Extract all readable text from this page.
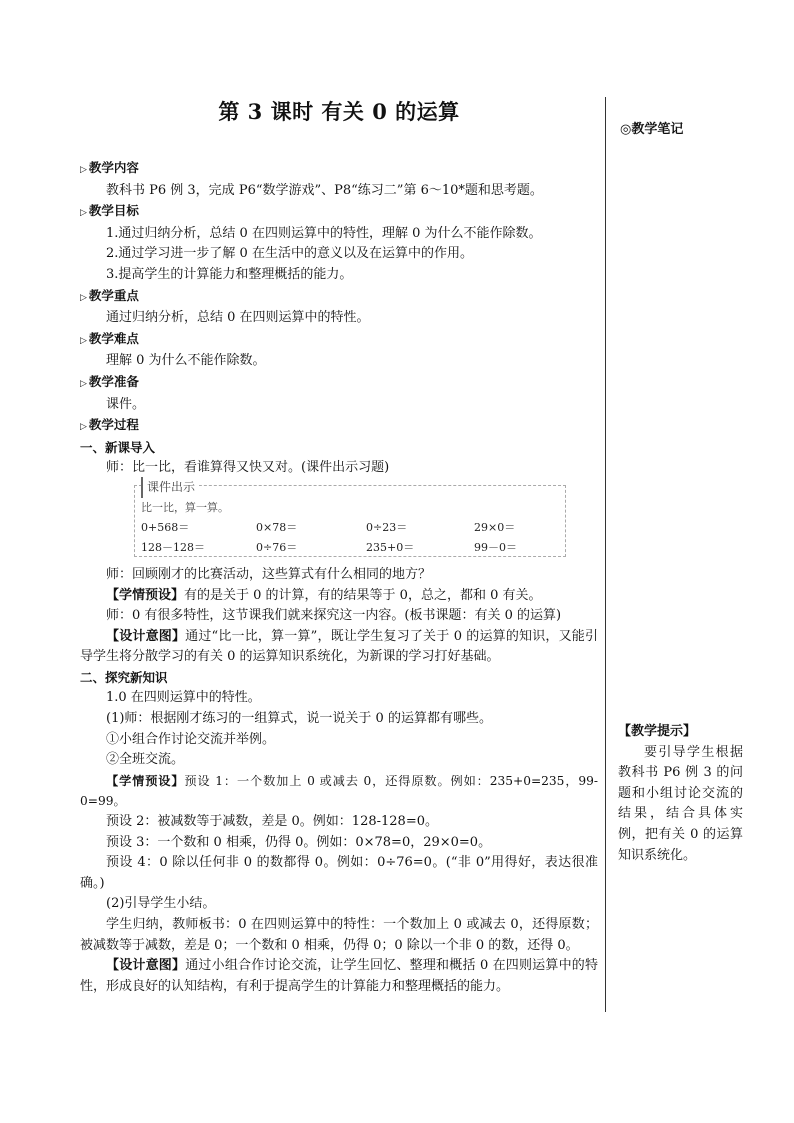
◎教学笔记
第 3 课时 有关 0 的运算
▷ 教学内容

教科书 P6 例 3，完成 P6“数学游戏”、P8“练习二”第 6～10*题和思考题。

▷ 教学目标

1.通过归纳分析，总结 0 在四则运算中的特性，理解 0 为什么不能作除数。

2.通过学习进一步了解 0 在生活中的意义以及在运算中的作用。

3.提高学生的计算能力和整理概括的能力。

▷ 教学重点

通过归纳分析，总结 0 在四则运算中的特性。

▷ 教学难点

理解 0 为什么不能作除数。

▷ 教学准备

课件。

▷ 教学过程

一、新课导入

师：比一比，看谁算得又快又对。(课件出示习题)

课件出示
比一比，算一算。
0+568＝	0×78＝	0÷23＝	29×0＝
128－128＝	0÷76＝	235+0＝	99－0＝

师：回顾刚才的比赛活动，这些算式有什么相同的地方？

【学情预设】有的是关于 0 的计算，有的结果等于 0，总之，都和 0 有关。

师：0 有很多特性，这节课我们就来探究这一内容。(板书课题：有关 0 的运算)

【设计意图】通过“比一比，算一算”，既让学生复习了关于 0 的运算的知识，又能引导学生将分散学习的有关 0 的运算知识系统化，为新课的学习打好基础。

二、探究新知识

1.0 在四则运算中的特性。

(1)师：根据刚才练习的一组算式，说一说关于 0 的运算都有哪些。

①小组合作讨论交流并举例。

②全班交流。

【学情预设】预设 1：一个数加上 0 或减去 0，还得原数。例如：235+0=235，99-0=99。

预设 2：被减数等于减数，差是 0。例如：128-128=0。

预设 3：一个数和 0 相乘，仍得 0。例如：0×78=0，29×0=0。

预设 4：0 除以任何非 0 的数都得 0。例如：0÷76=0。(“非 0”用得好，表达很准确。)

(2)引导学生小结。

学生归纳，教师板书：0 在四则运算中的特性：一个数加上 0 或减去 0，还得原数；被减数等于减数，差是 0；一个数和 0 相乘，仍得 0；0 除以一个非 0 的数，还得 0。

【设计意图】通过小组合作讨论交流，让学生回忆、整理和概括 0 在四则运算中的特性，形成良好的认知结构，有利于提高学生的计算能力和整理概括的能力。

【教学提示】
要引导学生根据教科书 P6 例 3 的问题和小组讨论交流的结果，结合具体实例，把有关 0 的运算知识系统化。
